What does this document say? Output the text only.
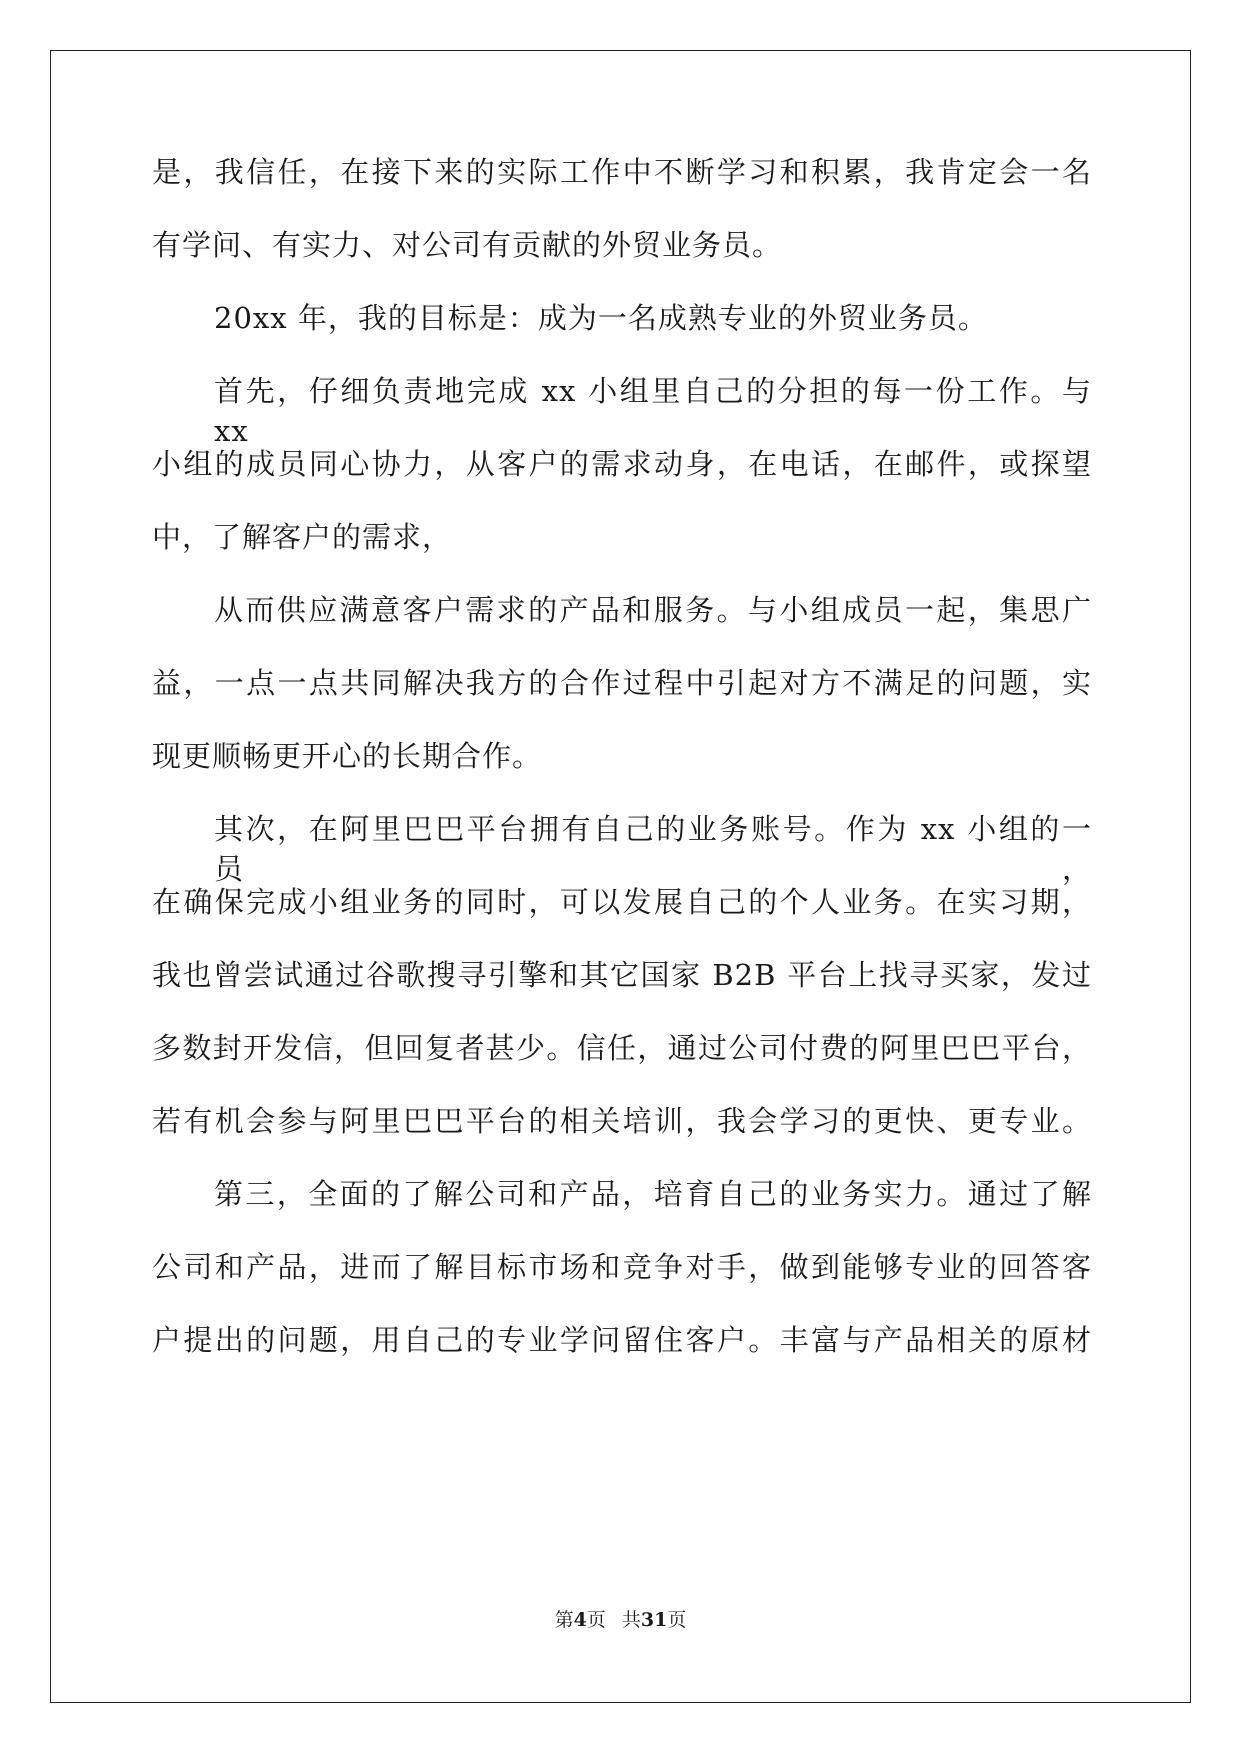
是，我信任，在接下来的实际工作中不断学习和积累，我肯定会一名
有学问、有实力、对公司有贡献的外贸业务员。
20xx 年，我的目标是：成为一名成熟专业的外贸业务员。
首先，仔细负责地完成 xx 小组里自己的分担的每一份工作。与 xx
小组的成员同心协力，从客户的需求动身，在电话，在邮件，或探望
中，了解客户的需求，
从而供应满意客户需求的产品和服务。与小组成员一起，集思广
益，一点一点共同解决我方的合作过程中引起对方不满足的问题，实
现更顺畅更开心的长期合作。
其次，在阿里巴巴平台拥有自己的业务账号。作为 xx 小组的一员，
在确保完成小组业务的同时，可以发展自己的个人业务。在实习期，
我也曾尝试通过谷歌搜寻引擎和其它国家 B2B 平台上找寻买家，发过
多数封开发信，但回复者甚少。信任，通过公司付费的阿里巴巴平台，
若有机会参与阿里巴巴平台的相关培训，我会学习的更快、更专业。
第三，全面的了解公司和产品，培育自己的业务实力。通过了解
公司和产品，进而了解目标市场和竞争对手，做到能够专业的回答客
户提出的问题，用自己的专业学问留住客户。丰富与产品相关的原材
第4页 共31页
